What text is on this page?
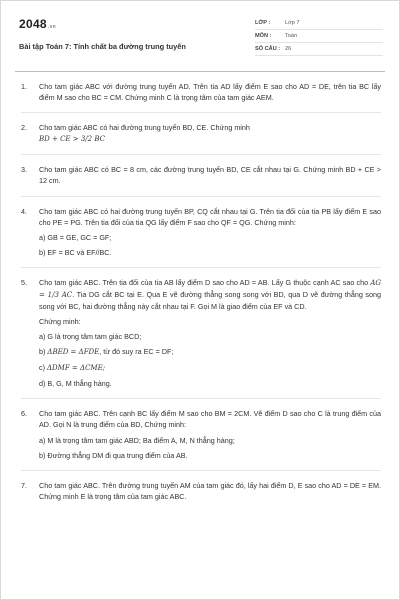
2048.vn
Bài tập Toán 7: Tính chất ba đường trung tuyến
LỚP :	Lớp 7
MÔN :	Toán
SỐ CÂU : 26
1. Cho tam giác ABC với đường trung tuyến AD. Trên tia AD lấy điểm E sao cho AD = DE, trên tia BC lấy điểm M sao cho BC = CM. Chứng minh C là trọng tâm của tam giác AEM.

2. Cho tam giác ABC có hai đường trung tuyến BD, CE. Chứng minh
BD + CE > 3/2 BC

3. Cho tam giác ABC có BC = 8 cm, các đường trung tuyến BD, CE cắt nhau tại G. Chứng minh BD + CE > 12 cm.

4. Cho tam giác ABC có hai đường trung tuyến BP, CQ cắt nhau tại G. Trên tia đối của tia PB lấy điểm E sao cho PE = PG. Trên tia đối của tia QG lấy điểm F sao cho QF = QG. Chứng minh:

a) GB = GE, GC = GF;

b) EF = BC và EF//BC.

5. Cho tam giác ABC. Trên tia đối của tia AB lấy điểm D sao cho AD = AB. Lấy G thuộc cạnh AC sao cho AG = 1/3 AC. Tia DG cắt BC tại E. Qua E vẽ đường thẳng song song với BD, qua D vẽ đường thẳng song song với BC, hai đường thẳng này cắt nhau tại F. Gọi M là giao điểm của EF và CD.

Chứng minh:

a) G là trọng tâm tam giác BCD;

b) ΔBED = ΔFDE, từ đó suy ra EC = DF;

c) ΔDMF = ΔCME;

d) B, G, M thẳng hàng.

6. Cho tam giác ABC. Trên cạnh BC lấy điểm M sao cho BM = 2CM. Vẽ điểm D sao cho C là trung điểm của AD. Gọi N là trung điểm của BD, Chứng minh:

a) M là trọng tâm tam giác ABD; Ba điểm A, M, N thẳng hàng;

b) Đường thẳng DM đi qua trung điểm của AB.

7. Cho tam giác ABC. Trên đường trung tuyến AM của tam giác đó, lấy hai điểm D, E sao cho AD = DE = EM. Chứng minh E là trọng tâm của tam giác ABC.
